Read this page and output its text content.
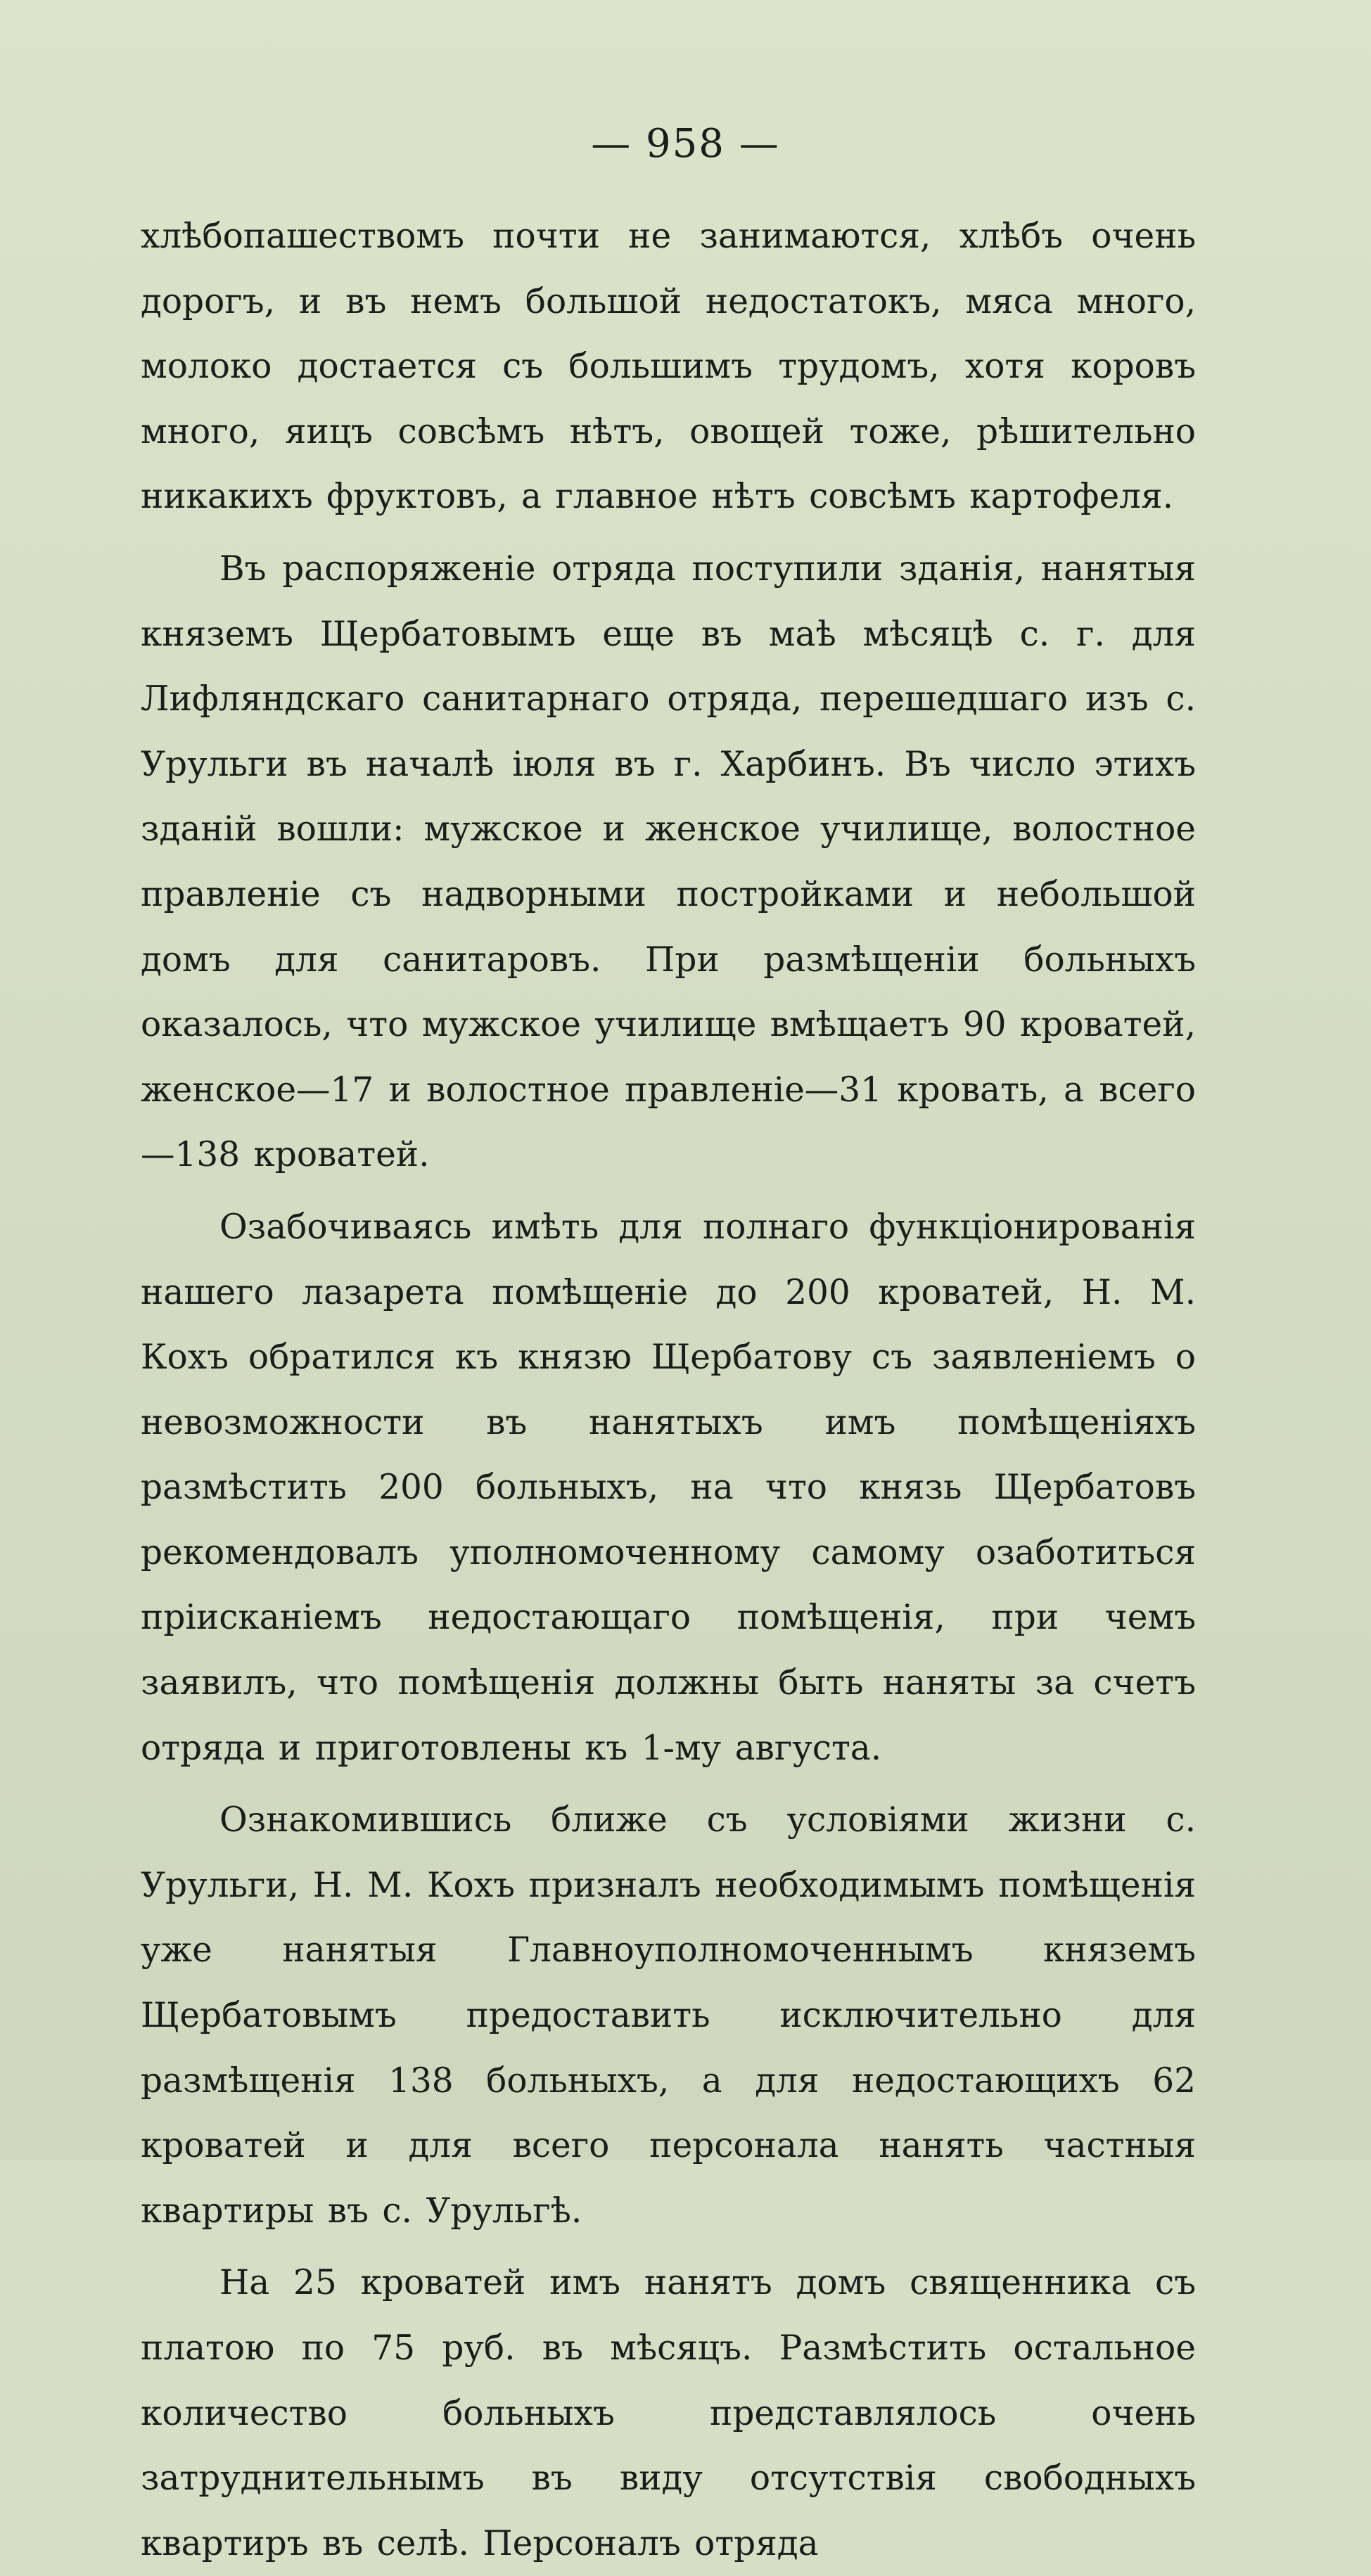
— 958 —

хлѣбопашествомъ почти не занимаются, хлѣбъ очень дорогъ, и въ немъ большой недостатокъ, мяса много, молоко достается съ большимъ трудомъ, хотя коровъ много, яицъ совсѣмъ нѣтъ, овощей тоже, рѣшительно никакихъ фруктовъ, а главное нѣтъ совсѣмъ картофеля.

Въ распоряженіе отряда поступили зданія, нанятыя княземъ Щербатовымъ еще въ маѣ мѣсяцѣ с. г. для Лифляндскаго санитарнаго отряда, перешедшаго изъ с. Урульги въ началѣ іюля въ г. Харбинъ. Въ число этихъ зданій вошли: мужское и женское училище, волостное правленіе съ надворными постройками и небольшой домъ для санитаровъ. При размѣщеніи больныхъ оказалось, что мужское училище вмѣщаетъ 90 кроватей, женское—17 и волостное правленіе—31 кровать, а всего—138 кроватей.

Озабочиваясь имѣть для полнаго функціонированія нашего лазарета помѣщеніе до 200 кроватей, Н. М. Кохъ обратился къ князю Щербатову съ заявленіемъ о невозможности въ нанятыхъ имъ помѣщеніяхъ размѣстить 200 больныхъ, на что князь Щербатовъ рекомендовалъ уполномоченному самому озаботиться пріисканіемъ недостающаго помѣщенія, при чемъ заявилъ, что помѣщенія должны быть наняты за счетъ отряда и приготовлены къ 1-му августа.

Ознакомившись ближе съ условіями жизни с. Урульги, Н. М. Кохъ призналъ необходимымъ помѣщенія уже нанятыя Главноуполномоченнымъ княземъ Щербатовымъ предоставить исключительно для размѣщенія 138 больныхъ, а для недостающихъ 62 кроватей и для всего персонала нанять частныя квартиры въ с. Урульгѣ.

На 25 кроватей имъ нанятъ домъ священника съ платою по 75 руб. въ мѣсяцъ. Размѣстить остальное количество больныхъ представлялось очень затруднительнымъ въ виду отсутствія свободныхъ квартиръ въ селѣ. Персоналъ отряда
